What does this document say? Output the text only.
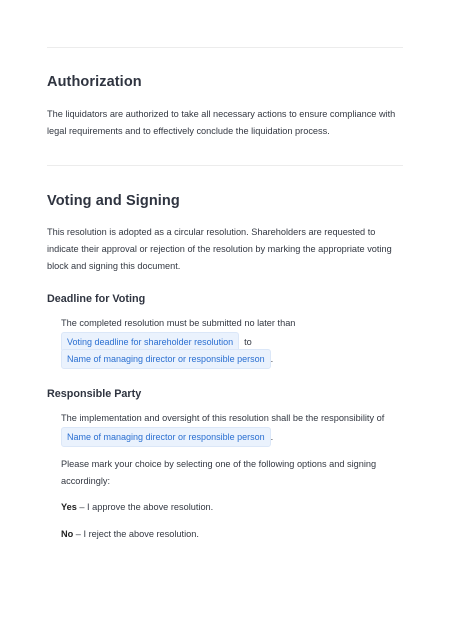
Authorization

The liquidators are authorized to take all necessary actions to ensure compliance with legal requirements and to effectively conclude the liquidation process.

Voting and Signing

This resolution is adopted as a circular resolution. Shareholders are requested to indicate their approval or rejection of the resolution by marking the appropriate voting block and signing this document.

Deadline for Voting
The completed resolution must be submitted no later than
Voting deadline for shareholder resolution	to
Name of managing director or responsible person .
Responsible Party
The implementation and oversight of this resolution shall be the responsibility of
Name of managing director or responsible person .

Please mark your choice by selecting one of the following options and signing accordingly:

Yes – I approve the above resolution.
No – I reject the above resolution.
